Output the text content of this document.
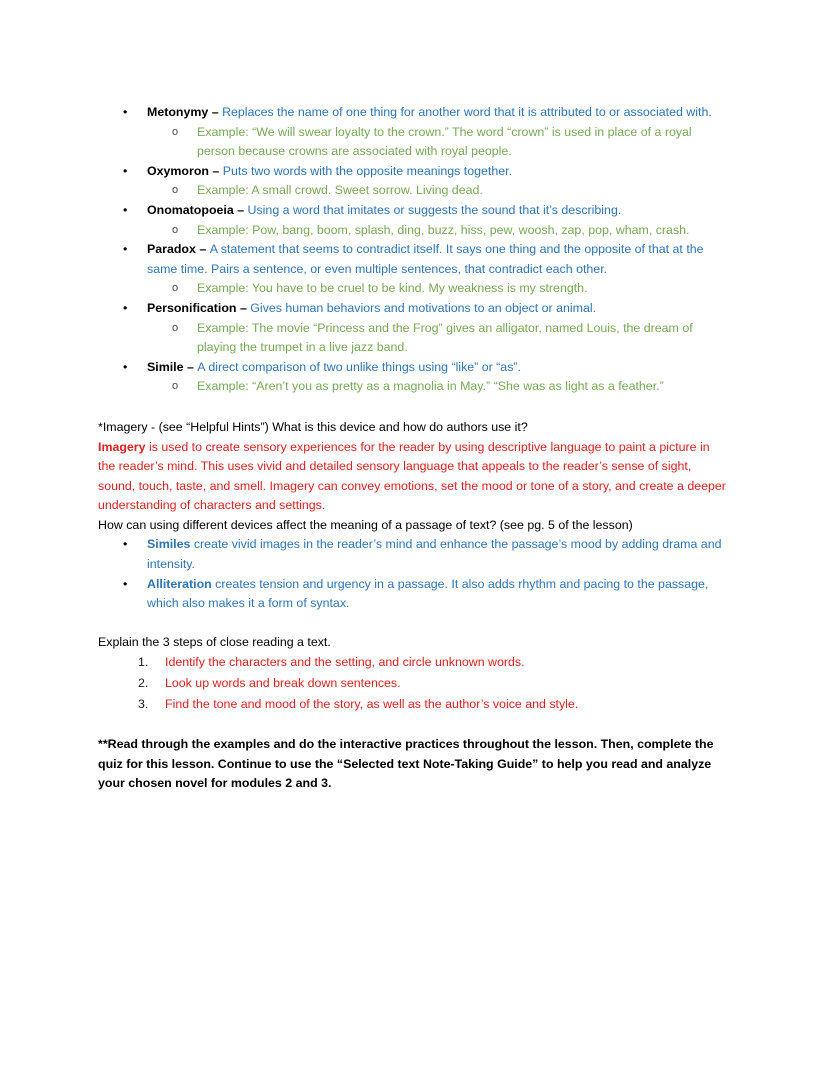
• Metonymy – Replaces the name of one thing for another word that it is attributed to or associated with.
o Example: “We will swear loyalty to the crown.” The word “crown” is used in place of a royal person because crowns are associated with royal people.
• Oxymoron – Puts two words with the opposite meanings together.
o Example: A small crowd. Sweet sorrow. Living dead.
• Onomatopoeia – Using a word that imitates or suggests the sound that it’s describing.
o Example: Pow, bang, boom, splash, ding, buzz, hiss, pew, woosh, zap, pop, wham, crash.
• Paradox – A statement that seems to contradict itself. It says one thing and the opposite of that at the same time. Pairs a sentence, or even multiple sentences, that contradict each other.
o Example: You have to be cruel to be kind. My weakness is my strength.
• Personification – Gives human behaviors and motivations to an object or animal.
o Example: The movie “Princess and the Frog” gives an alligator, named Louis, the dream of playing the trumpet in a live jazz band.
• Simile – A direct comparison of two unlike things using “like” or “as”.
o Example: “Aren’t you as pretty as a magnolia in May.” “She was as light as a feather.”

*Imagery - (see “Helpful Hints”) What is this device and how do authors use it?

Imagery is used to create sensory experiences for the reader by using descriptive language to paint a picture in the reader’s mind. This uses vivid and detailed sensory language that appeals to the reader’s sense of sight, sound, touch, taste, and smell. Imagery can convey emotions, set the mood or tone of a story, and create a deeper understanding of characters and settings.

How can using different devices affect the meaning of a passage of text? (see pg. 5 of the lesson)

• Similes create vivid images in the reader’s mind and enhance the passage’s mood by adding drama and intensity.
• Alliteration creates tension and urgency in a passage. It also adds rhythm and pacing to the passage, which also makes it a form of syntax.

Explain the 3 steps of close reading a text.

1. Identify the characters and the setting, and circle unknown words.
2. Look up words and break down sentences.
3. Find the tone and mood of the story, as well as the author’s voice and style.

**Read through the examples and do the interactive practices throughout the lesson. Then, complete the quiz for this lesson. Continue to use the “Selected text Note-Taking Guide” to help you read and analyze your chosen novel for modules 2 and 3.
